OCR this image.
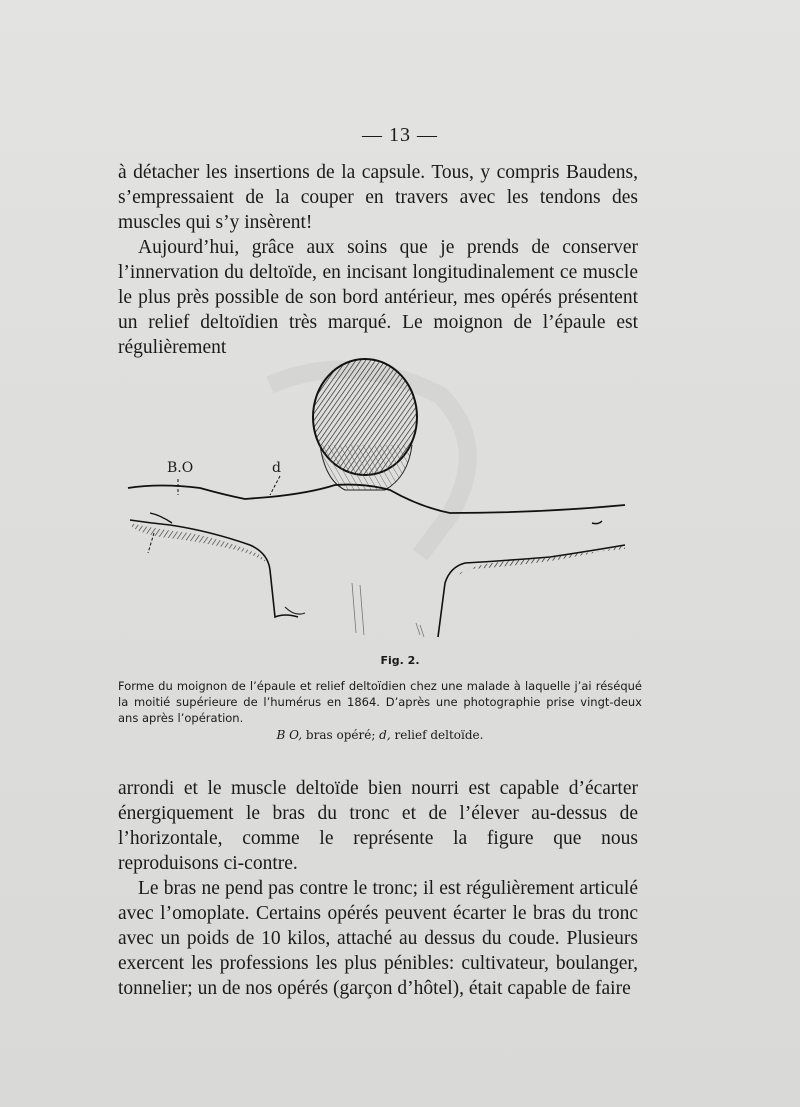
— 13 —

à détacher les insertions de la capsule. Tous, y compris Baudens, s’empressaient de la couper en travers avec les tendons des muscles qui s’y insèrent!

Aujourd’hui, grâce aux soins que je prends de conserver l’innervation du deltoïde, en incisant longitudinalement ce muscle le plus près possible de son bord antérieur, mes opérés présentent un relief deltoïdien très marqué. Le moignon de l’épaule est régulièrement

B.O	d
Fig. 2.
Forme du moignon de l’épaule et relief deltoïdien chez une malade à laquelle j’ai réséqué la moitié supérieure de l’humérus en 1864. D’après une photographie prise vingt-deux ans après l’opération.
B O, bras opéré; d, relief deltoïde.

arrondi et le muscle deltoïde bien nourri est capable d’écarter énergiquement le bras du tronc et de l’élever au-dessus de l’horizontale, comme le représente la figure que nous reproduisons ci-contre.

Le bras ne pend pas contre le tronc; il est régulièrement articulé avec l’omoplate. Certains opérés peuvent écarter le bras du tronc avec un poids de 10 kilos, attaché au dessus du coude. Plusieurs exercent les professions les plus pénibles: cultivateur, boulanger, tonnelier; un de nos opérés (garçon d’hôtel), était capable de faire
